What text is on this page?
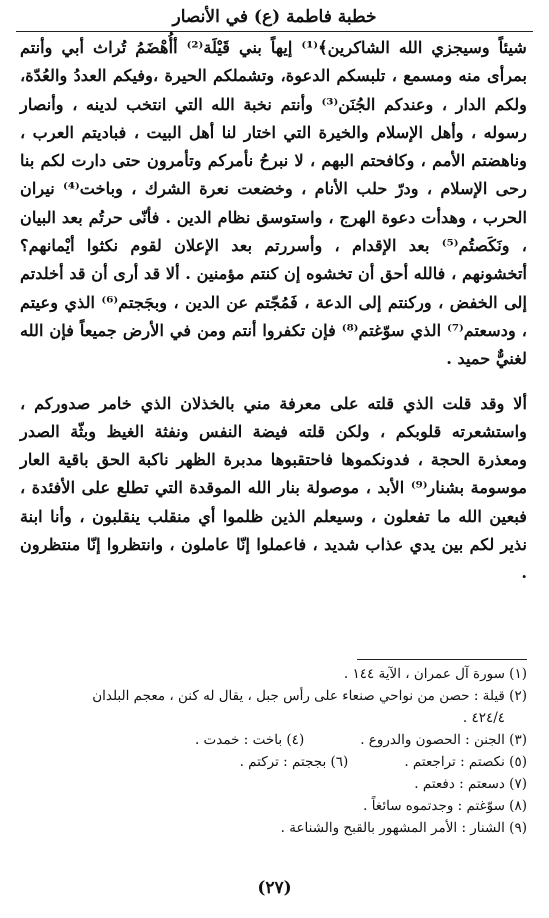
خطبة فاطمة (ع) في الأنصار

شيئاً وسيجزي الله الشاكرين﴾⁽¹⁾ إيهاً بني قَيْلَة⁽²⁾ أأُهْضَمُ تُراث أبي وأنتم بمرأى منه ومسمع ، تلبسكم الدعوة، وتشملكم الحيرة ،وفيكم العددُ والعُدّة، ولكم الدار ، وعندكم الجُنَن⁽³⁾ وأنتم نخبة الله التي انتخب لدينه ، وأنصار رسوله ، وأهل الإسلام والخيرة التي اختار لنا أهل البيت ، فباديتم العرب ، وناهضتم الأمم ، وكافحتم البهم ، لا نبرحُ نأمركم وتأمرون حتى دارت لكم بنا رحى الإسلام ، ودرّ حلب الأنام ، وخضعت نعرة الشرك ، وباخت⁽⁴⁾ نيران الحرب ، وهدأت دعوة الهرج ، واستوسق نظام الدين . فأنّى حرتُم بعد البيان ، ونَكَصتُم⁽⁵⁾ بعد الإقدام ، وأسررتم بعد الإعلان لقوم نكثوا أيْمانهم؟ أتخشونهم ، فالله أحق أن تخشوه إن كنتم مؤمنين . ألا قد أرى أن قد أخلدتم إلى الخفض ، وركنتم إلى الدعة ، فَمُجّتم عن الدين ، وبجَجتم⁽⁶⁾ الذي وعيتم ، ودسعتم⁽⁷⁾ الذي سوّغتم⁽⁸⁾ فإن تكفروا أنتم ومن في الأرض جميعاً فإن الله لغنيٌّ حميد .

ألا وقد قلت الذي قلته على معرفة مني بالخذلان الذي خامر صدوركم ، واستشعرته قلوبكم ، ولكن قلته فيضة النفس ونفثة الغيظ وبثّة الصدر ومعذرة الحجة ، فدونكموها فاحتقبوها مدبرة الظهر ناكبة الحق باقية العار موسومة بشنار⁽⁹⁾ الأبد ، موصولة بنار الله الموقدة التي تطلع على الأفئدة ، فبعين الله ما تفعلون ، وسيعلم الذين ظلموا أي منقلب ينقلبون ، وأنا ابنة نذير لكم بين يدي عذاب شديد ، فاعملوا إنّا عاملون ، وانتظروا إنّا منتظرون .

(١) سورة آل عمران ، الآية ١٤٤ .
(٢) قيلة : حصن من نواحي صنعاء على رأس جبل ، يقال له كنن ، معجم البلدان
٤٢٤/٤ .
(٣) الجنن : الحصون والدروع .
(٤) باخت : خمدت .
(٥) نكصتم : تراجعتم .
(٦) بججتم : تركتم .
(٧) دسعتم : دفعتم .
(٨) سوّغتم : وجدتموه سائغاً .
(٩) الشنار : الأمر المشهور بالقبح والشناعة .
(٢٧)
